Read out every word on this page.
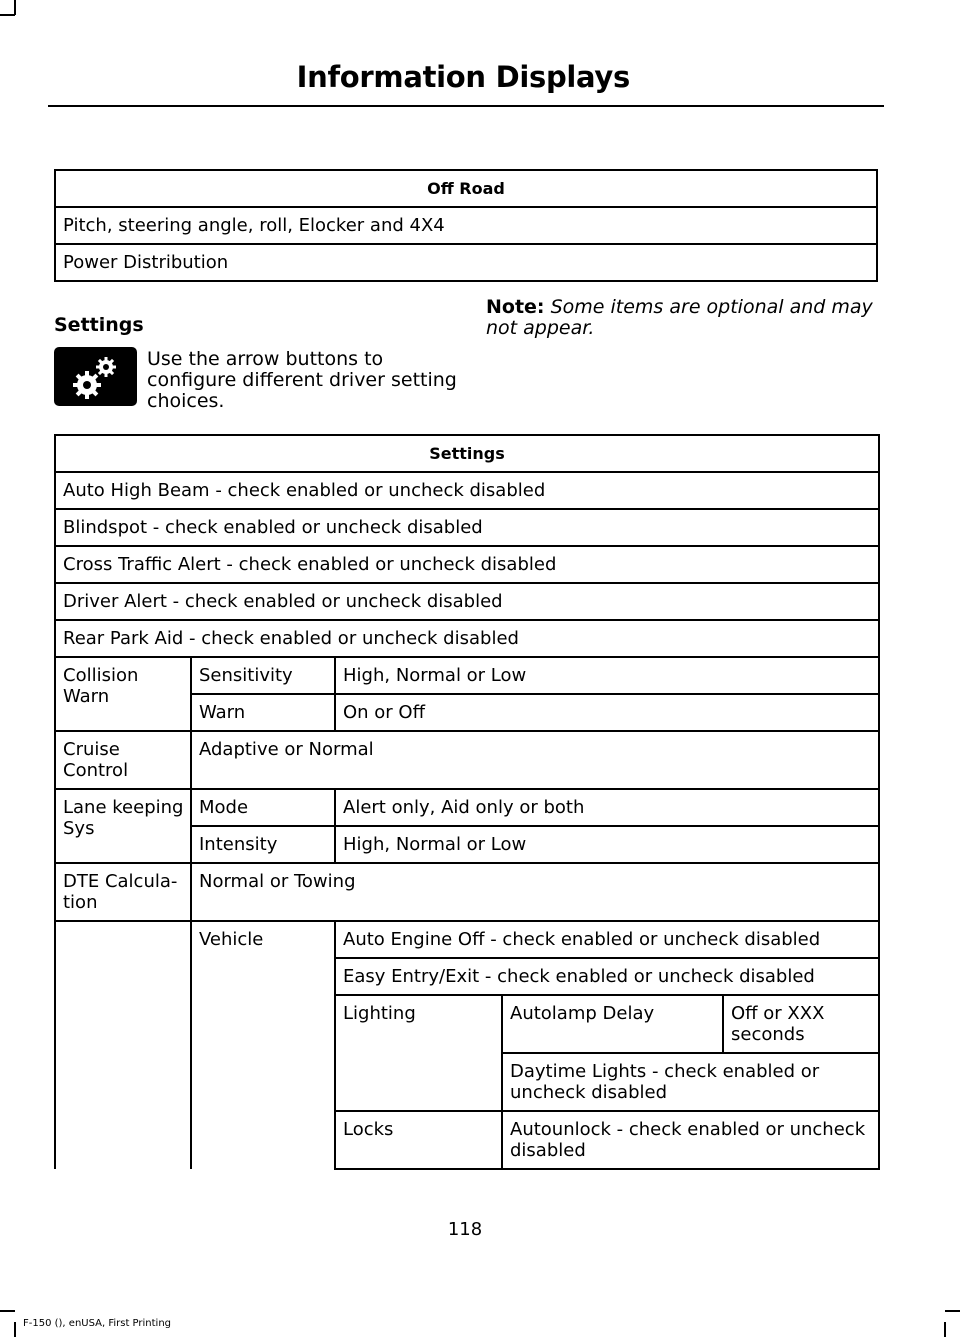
Information Displays
Off Road
Pitch, steering angle, roll, Elocker and 4X4
Power Distribution
Settings
Use the arrow buttons to configure different driver setting choices.
Note: Some items are optional and may not appear.
Settings				
Auto High Beam - check enabled or uncheck disabled				
Blindspot - check enabled or uncheck disabled				
Cross Traffic Alert - check enabled or uncheck disabled				
Driver Alert - check enabled or uncheck disabled				
Rear Park Aid - check enabled or uncheck disabled				
Collision Warn	Sensitivity	High, Normal or Low		
	Warn	On or Off		
Cruise Control	Adaptive or Normal			
Lane keeping Sys	Mode	Alert only, Aid only or both		
	Intensity	High, Normal or Low		
DTE Calcula-tion	Normal or Towing			
	Vehicle	Auto Engine Off - check enabled or uncheck disabled		
		Easy Entry/Exit - check enabled or uncheck disabled		
		Lighting	Autolamp Delay	Off or XXX seconds
			Daytime Lights - check enabled or uncheck disabled	
		Locks	Autounlock - check enabled or uncheck disabled	
118
F-150 (), enUSA, First Printing
